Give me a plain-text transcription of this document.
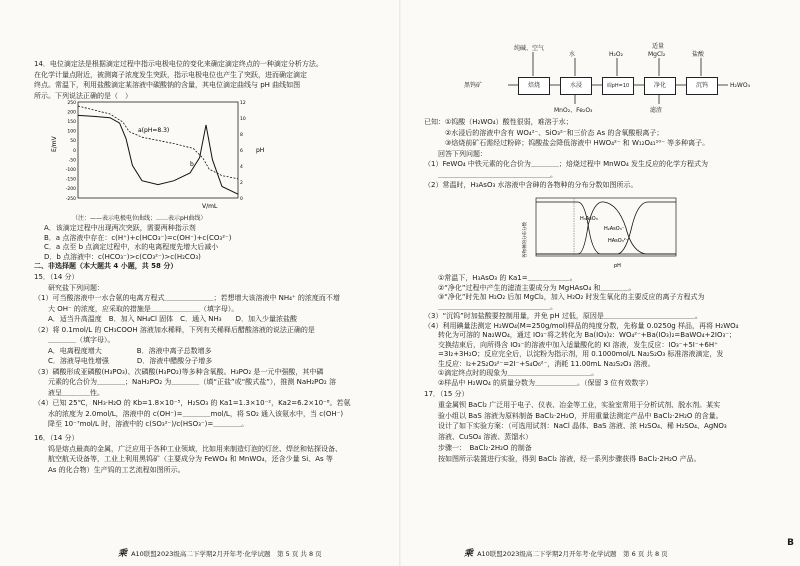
14．电位滴定法是根据滴定过程中指示电极电位的变化来确定滴定终点的一种滴定分析方法。
在化学计量点附近，被测离子浓度发生突跃，指示电极电位也产生了突跃，进而确定滴定
终点。常温下，利用盐酸滴定某溶液中碳酸钠的含量，其电位滴定曲线与 pH 曲线如图
所示。下列说法正确的是（　）
-250
-200
-150
-100
-50
0
50
100
150
200
250
0
2
4
6
8
10
12
E/mV	pH
V/mL
a(pH=8.3)
b
（注：——表示电极电位曲线；……表示pH曲线）
A．该滴定过程中出现两次突跃，需要两种指示剂
B．a 点溶液中存在：c(H⁺)+c(HCO₃⁻)=c(OH⁻)+c(CO₃²⁻)
C．a 点至 b 点滴定过程中，水的电离程度先增大后减小
D．b 点溶液中：c(HCO₃⁻)>c(CO₃²⁻)>c(H₂CO₃)
二、非选择题（本大题共 4 小题，共 58 分）
15．（14 分）
　　研究盐下列问题：
（1）可当酸溶液中一水合氨的电离方程式＿＿＿＿＿＿＿；若想增大该溶液中 NH₄⁺ 的浓度而不增
　　大 OH⁻ 的浓度，应采取的措施是＿＿＿＿＿＿＿（填字母）。
　　A．适当升高温度　B．加入 NH₄Cl 固体　C．通入 NH₃　　D．加入少量浓盐酸
（2）将 0.1mol/L 的 CH₃COOH 溶液加水稀释，下列有关稀释后醋酸溶液的说法正确的是
　　＿＿＿＿（填字母）。
　　A．电离程度增大　　　　　B．溶液中离子总数增多
　　C．溶液导电性增强　　　　D．溶液中醋酸分子增多
（3）磷酸形成亚磷酸(H₃PO₃)、次磷酸(H₃PO₂)等多种含氧酸。H₃PO₂ 是一元中强酸，其中磷
　　元素的化合价为＿＿＿＿；NaH₂PO₂ 为＿＿＿＿（填“正盐”或“酸式盐”），推测 NaH₂PO₂ 溶
　　液呈＿＿＿＿性。
（4）已知 25℃，NH₃·H₂O 的 Kb=1.8×10⁻⁵，H₂SO₃ 的 Ka1=1.3×10⁻²，Ka2=6.2×10⁻⁸。若氨
　　水的浓度为 2.0mol/L，溶液中的 c(OH⁻)=＿＿＿＿mol/L，将 SO₂ 通入该氨水中，当 c(OH⁻)
　　降至 10⁻⁷mol/L 时，溶液中的 c(SO₃²⁻)/c(HSO₃⁻)=＿＿＿＿。
16．（14 分）
　　钨是熔点最高的金属，广泛应用于各种工业领域，比如用来制造灯泡的灯丝、焊丝和钻探设备、
　　航空航天设备等，工业上利用黑钨矿（主要成分为 FeWO₄ 和 MnWO₄，还含少量 Si、As 等
　　As 的化合物）生产钨的工艺流程如图所示。
乘 A10联盟2023级高二下学期2月开年考·化学试题　第 5 页 共 8 页
黑钨矿
纯碱、空气
水	H₂O₂
适量
MgCl₂	盐酸
焙烧	水浸	调pH=10	净化	沉钨
MnO₂、Fe₂O₃	滤渣
H₂WO₄
已知：①钨酸（H₂WO₄）酸性很弱，难溶于水；
　　　②水浸后的溶液中含有 WO₄²⁻、SiO₃²⁻和三价态 As 的含氧酸根离子；
　　　③焙烧前矿石需经过粉碎；钨酸盐会降低溶液中 HWO₄²⁻ 和 W₁₂O₄₁¹⁰⁻ 等多种离子。
　　回答下列问题：
（1）FeWO₄ 中铁元素的化合价为＿＿＿＿；焙烧过程中 MnWO₄ 发生反应的化学方程式为
　　＿＿＿＿＿＿＿＿＿＿＿＿＿＿＿＿。
（2）常温时，H₃AsO₃ 水溶液中含砷的各物种的分布分数如图所示。
H₃AsO₃
H₂AsO₃⁻
HAsO₃²⁻
pH
各物种的分布分数
　　①常温下，H₃AsO₃ 的 Ka1=＿＿＿＿＿＿。
　　②“净化”过程中产生的滤渣主要成分为 MgHAsO₄ 和＿＿＿＿。
　　③“净化”时先加 H₂O₂ 后加 MgCl₂，加入 H₂O₂ 时发生氧化的主要反应的离子方程式为
　　＿＿＿＿＿＿＿＿＿＿＿＿＿＿＿＿。
（3）“沉钨”时加盐酸要控制用量，并免 pH 过低，原因是＿＿＿＿＿＿＿＿＿＿＿＿＿。
（4）利用碘量法测定 H₂WO₄(M=250g/mol)样品的纯度分数，先称量 0.0250g 样品，再将 H₂WO₄
　　转化为可溶的 Na₂WO₄，通过 IO₃⁻将之转化为 Ba(IO₃)₂：WO₄²⁻+Ba(IO₃)₂=BaWO₄+2IO₃⁻；
　　交换结束后，向所得含 IO₃⁻的溶液中加入适量酸化的 KI 溶液，发生反应：IO₃⁻+5I⁻+6H⁺
　　=3I₂+3H₂O；反应完全后，以淀粉为指示剂，用 0.1000mol/L Na₂S₂O₃ 标准溶液滴定，发
　　生反应：I₂+2S₂O₃²⁻=2I⁻+S₄O₆²⁻，消耗 11.00mL Na₂S₂O₃ 溶液。
　　①滴定终点时的现象为＿＿＿＿＿＿＿＿＿＿＿＿。
　　②样品中 H₂WO₄ 的质量分数为＿＿＿＿＿＿。（保留 3 位有效数字）
17．（15 分）
　　重金属钡 BaCl₂ 广泛用于电子、仪表、冶金等工业，实验室常用于分析试剂、脱水剂。某实
　　验小组以 BaS 溶液为原料制备 BaCl₂·2H₂O，并用重量法测定产品中 BaCl₂·2H₂O 的含量。
　　设计了如下实验方案：（可选用试剂：NaCl 晶体、BaS 溶液、浓 H₂SO₄、稀 H₂SO₄、AgNO₃
　　溶液、CuSO₄ 溶液、蒸馏水）
　　步骤一：　BaCl₂·2H₂O 的制备
　　按如图所示装置进行实验，得到 BaCl₂ 溶液，经一系列步骤获得 BaCl₂·2H₂O 产品。
乘 A10联盟2023级高二下学期2月开年考·化学试题　第 6 页 共 8 页
B
